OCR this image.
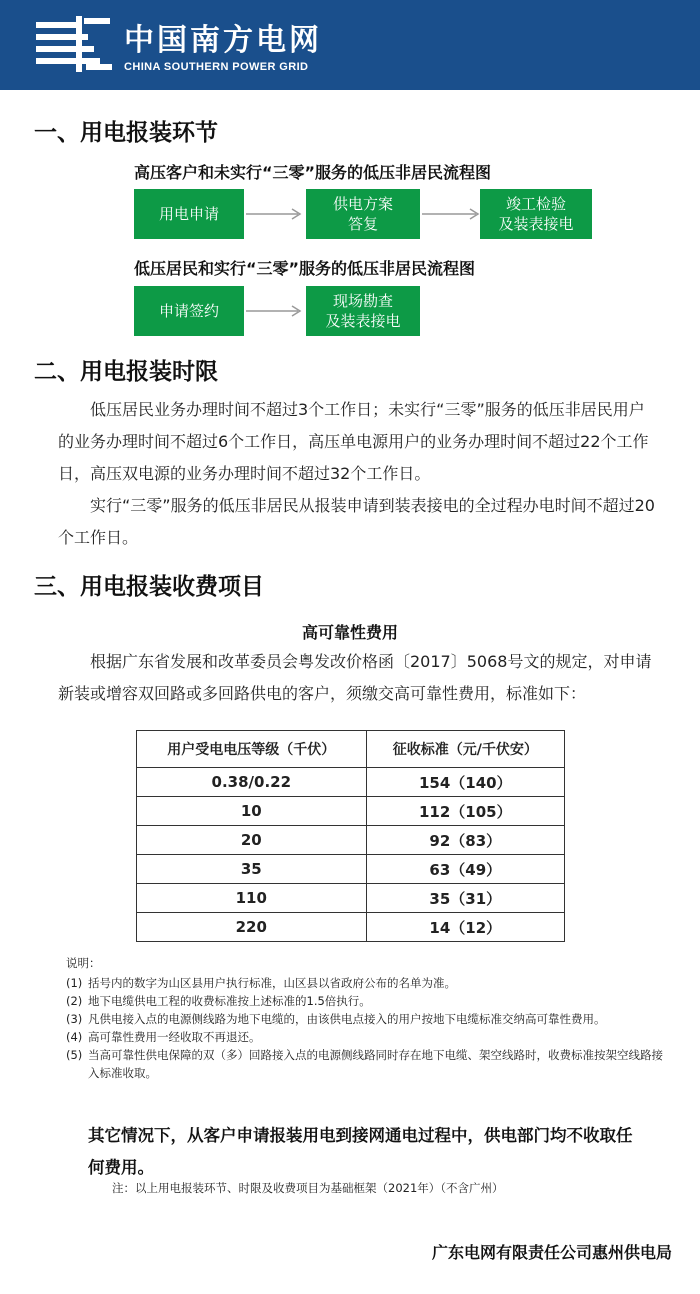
中国南方电网
CHINA SOUTHERN POWER GRID
一、用电报装环节
高压客户和未实行“三零”服务的低压非居民流程图
用电申请
供电方案
答复
竣工检验
及装表接电
低压居民和实行“三零”服务的低压非居民流程图
申请签约
现场勘查
及装表接电
二、用电报装时限

低压居民业务办理时间不超过3个工作日；未实行“三零”服务的低压非居民用户的业务办理时间不超过6个工作日，高压单电源用户的业务办理时间不超过22个工作日，高压双电源的业务办理时间不超过32个工作日。

实行“三零”服务的低压非居民从报装申请到装表接电的全过程办电时间不超过20个工作日。

三、用电报装收费项目
高可靠性费用

根据广东省发展和改革委员会粤发改价格函〔2017〕5068号文的规定，对申请新装或增容双回路或多回路供电的客户，须缴交高可靠性费用，标准如下：

用户受电电压等级（千伏）	征收标准（元/千伏安）
0.38/0.22	154（140）
10	112（105）
20	92（83）
35	63（49）
110	35（31）
220	14（12）
说明：
(1) 括号内的数字为山区县用户执行标准，山区县以省政府公布的名单为准。
(2) 地下电缆供电工程的收费标准按上述标准的1.5倍执行。
(3) 凡供电接入点的电源侧线路为地下电缆的，由该供电点接入的用户按地下电缆标准交纳高可靠性费用。
(4) 高可靠性费用一经收取不再退还。
(5) 当高可靠性供电保障的双（多）回路接入点的电源侧线路同时存在地下电缆、架空线路时，收费标准按架空线路接入标准收取。
其它情况下，从客户申请报装用电到接网通电过程中，供电部门均不收取任何费用。
注：以上用电报装环节、时限及收费项目为基础框架（2021年）（不含广州）
广东电网有限责任公司惠州供电局
